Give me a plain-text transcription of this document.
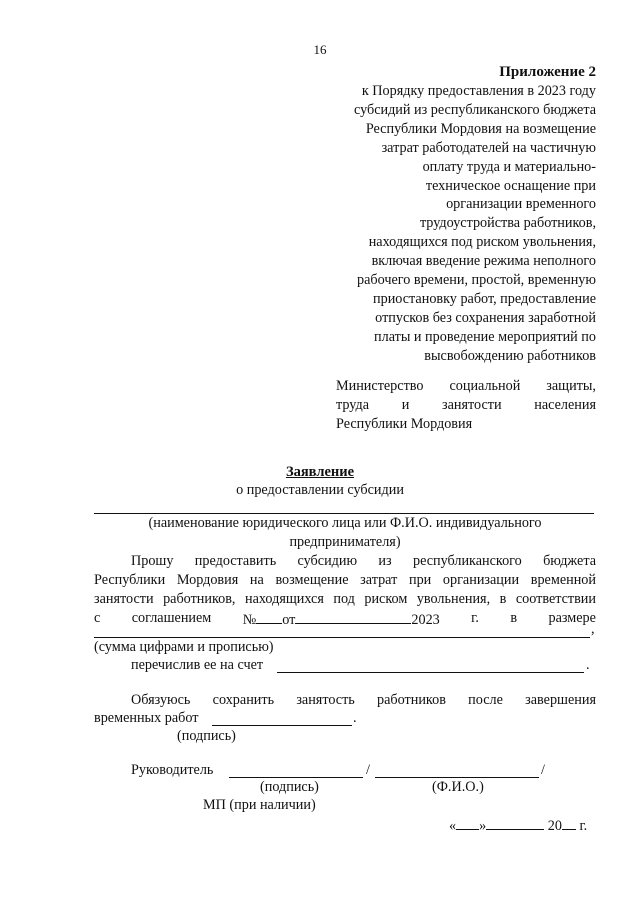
16
Приложение 2
к Порядку предоставления в 2023 году
субсидий из республиканского бюджета
Республики Мордовия на возмещение
затрат работодателей на частичную
оплату труда и материально-
техническое оснащение при
организации временного
трудоустройства работников,
находящихся под риском увольнения,
включая введение режима неполного
рабочего времени, простой, временную
приостановку работ, предоставление
отпусков без сохранения заработной
платы и проведение мероприятий по
высвобождению работников
Министерство социальной защиты,
труда и занятости населения
Республики Мордовия
Заявление
о предоставлении субсидии
(наименование юридического лица или Ф.И.О. индивидуального
предпринимателя)
Прошу предоставить субсидию из республиканского бюджета
Республики Мордовия на возмещение затрат при организации временной
занятости работников, находящихся под риском увольнения, в соответствии
с соглашением № от	2023 г. в размере
,
(сумма цифрами и прописью)
перечислив ее на счет	.
Обязуюсь сохранить занятость работников после завершения
временных работ	.
(подпись)
Руководитель	/	/
(подпись)	(Ф.И.О.)
МП (при наличии)
« »	20 г.
